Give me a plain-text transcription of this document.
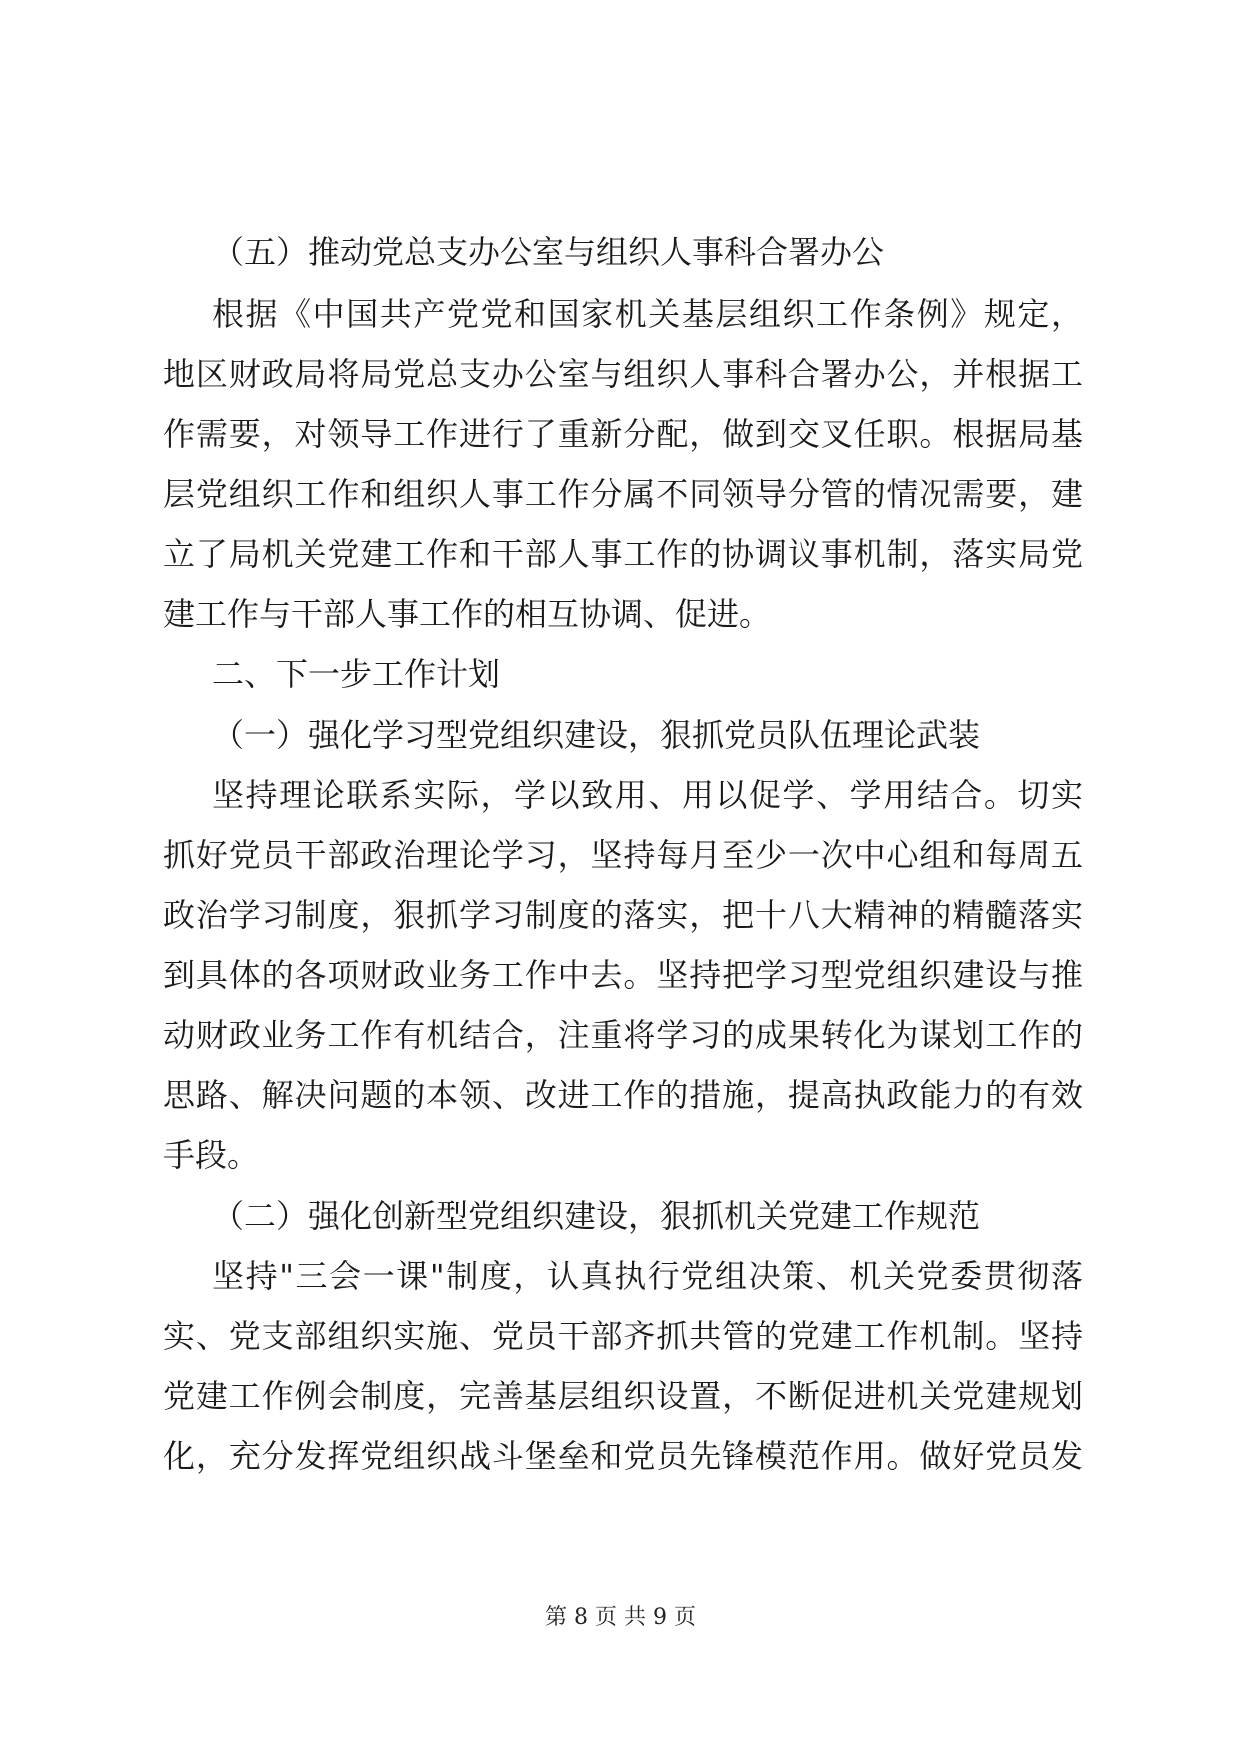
（五）推动党总支办公室与组织人事科合署办公
根据《中国共产党党和国家机关基层组织工作条例》规定，
地区财政局将局党总支办公室与组织人事科合署办公，并根据工
作需要，对领导工作进行了重新分配，做到交叉任职。根据局基
层党组织工作和组织人事工作分属不同领导分管的情况需要，建
立了局机关党建工作和干部人事工作的协调议事机制，落实局党
建工作与干部人事工作的相互协调、促进。
二、下一步工作计划
（一）强化学习型党组织建设，狠抓党员队伍理论武装
坚持理论联系实际，学以致用、用以促学、学用结合。切实
抓好党员干部政治理论学习，坚持每月至少一次中心组和每周五
政治学习制度，狠抓学习制度的落实，把十八大精神的精髓落实
到具体的各项财政业务工作中去。坚持把学习型党组织建设与推
动财政业务工作有机结合，注重将学习的成果转化为谋划工作的
思路、解决问题的本领、改进工作的措施，提高执政能力的有效
手段。
（二）强化创新型党组织建设，狠抓机关党建工作规范
坚持"三会一课"制度，认真执行党组决策、机关党委贯彻落
实、党支部组织实施、党员干部齐抓共管的党建工作机制。坚持
党建工作例会制度，完善基层组织设置，不断促进机关党建规划
化，充分发挥党组织战斗堡垒和党员先锋模范作用。做好党员发
第 8 页 共 9 页
